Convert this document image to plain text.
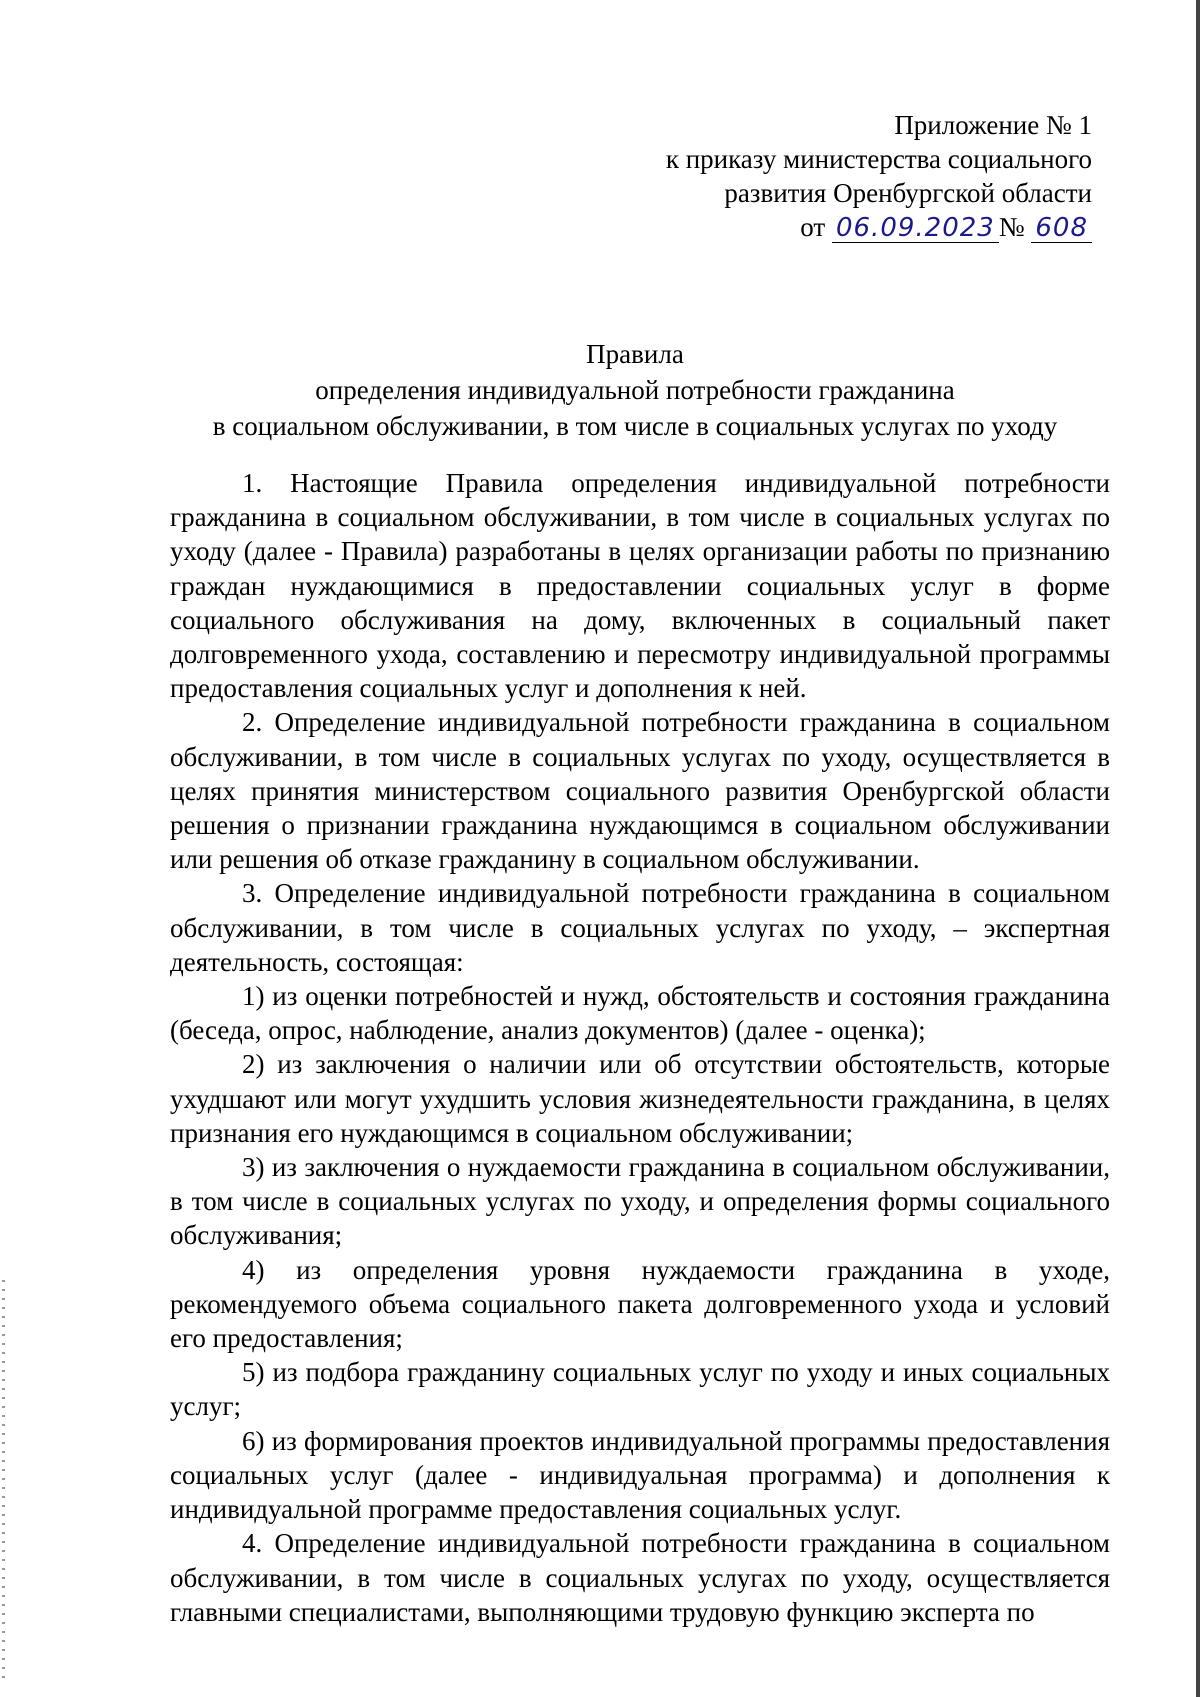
Приложение № 1
к приказу министерства социального
развития Оренбургской области
от 06.09.2023 № 608
Правила
определения индивидуальной потребности гражданина
в социальном обслуживании, в том числе в социальных услугах по уходу

1. Настоящие Правила определения индивидуальной потребности гражданина в социальном обслуживании, в том числе в социальных услугах по уходу (далее - Правила) разработаны в целях организации работы по признанию граждан нуждающимися в предоставлении социальных услуг в форме социального обслуживания на дому, включенных в социальный пакет долговременного ухода, составлению и пересмотру индивидуальной программы предоставления социальных услуг и дополнения к ней.

2. Определение индивидуальной потребности гражданина в социальном обслуживании, в том числе в социальных услугах по уходу, осуществляется в целях принятия министерством социального развития Оренбургской области решения о признании гражданина нуждающимся в социальном обслуживании или решения об отказе гражданину в социальном обслуживании.

3. Определение индивидуальной потребности гражданина в социальном обслуживании, в том числе в социальных услугах по уходу, – экспертная деятельность, состоящая:

1) из оценки потребностей и нужд, обстоятельств и состояния гражданина (беседа, опрос, наблюдение, анализ документов) (далее - оценка);

2) из заключения о наличии или об отсутствии обстоятельств, которые ухудшают или могут ухудшить условия жизнедеятельности гражданина, в целях признания его нуждающимся в социальном обслуживании;

3) из заключения о нуждаемости гражданина в социальном обслуживании, в том числе в социальных услугах по уходу, и определения формы социального обслуживания;

4) из определения уровня нуждаемости гражданина в уходе, рекомендуемого объема социального пакета долговременного ухода и условий его предоставления;

5) из подбора гражданину социальных услуг по уходу и иных социальных услуг;

6) из формирования проектов индивидуальной программы предоставления социальных услуг (далее - индивидуальная программа) и дополнения к индивидуальной программе предоставления социальных услуг.

4. Определение индивидуальной потребности гражданина в социальном обслуживании, в том числе в социальных услугах по уходу, осуществляется главными специалистами, выполняющими трудовую функцию эксперта по
